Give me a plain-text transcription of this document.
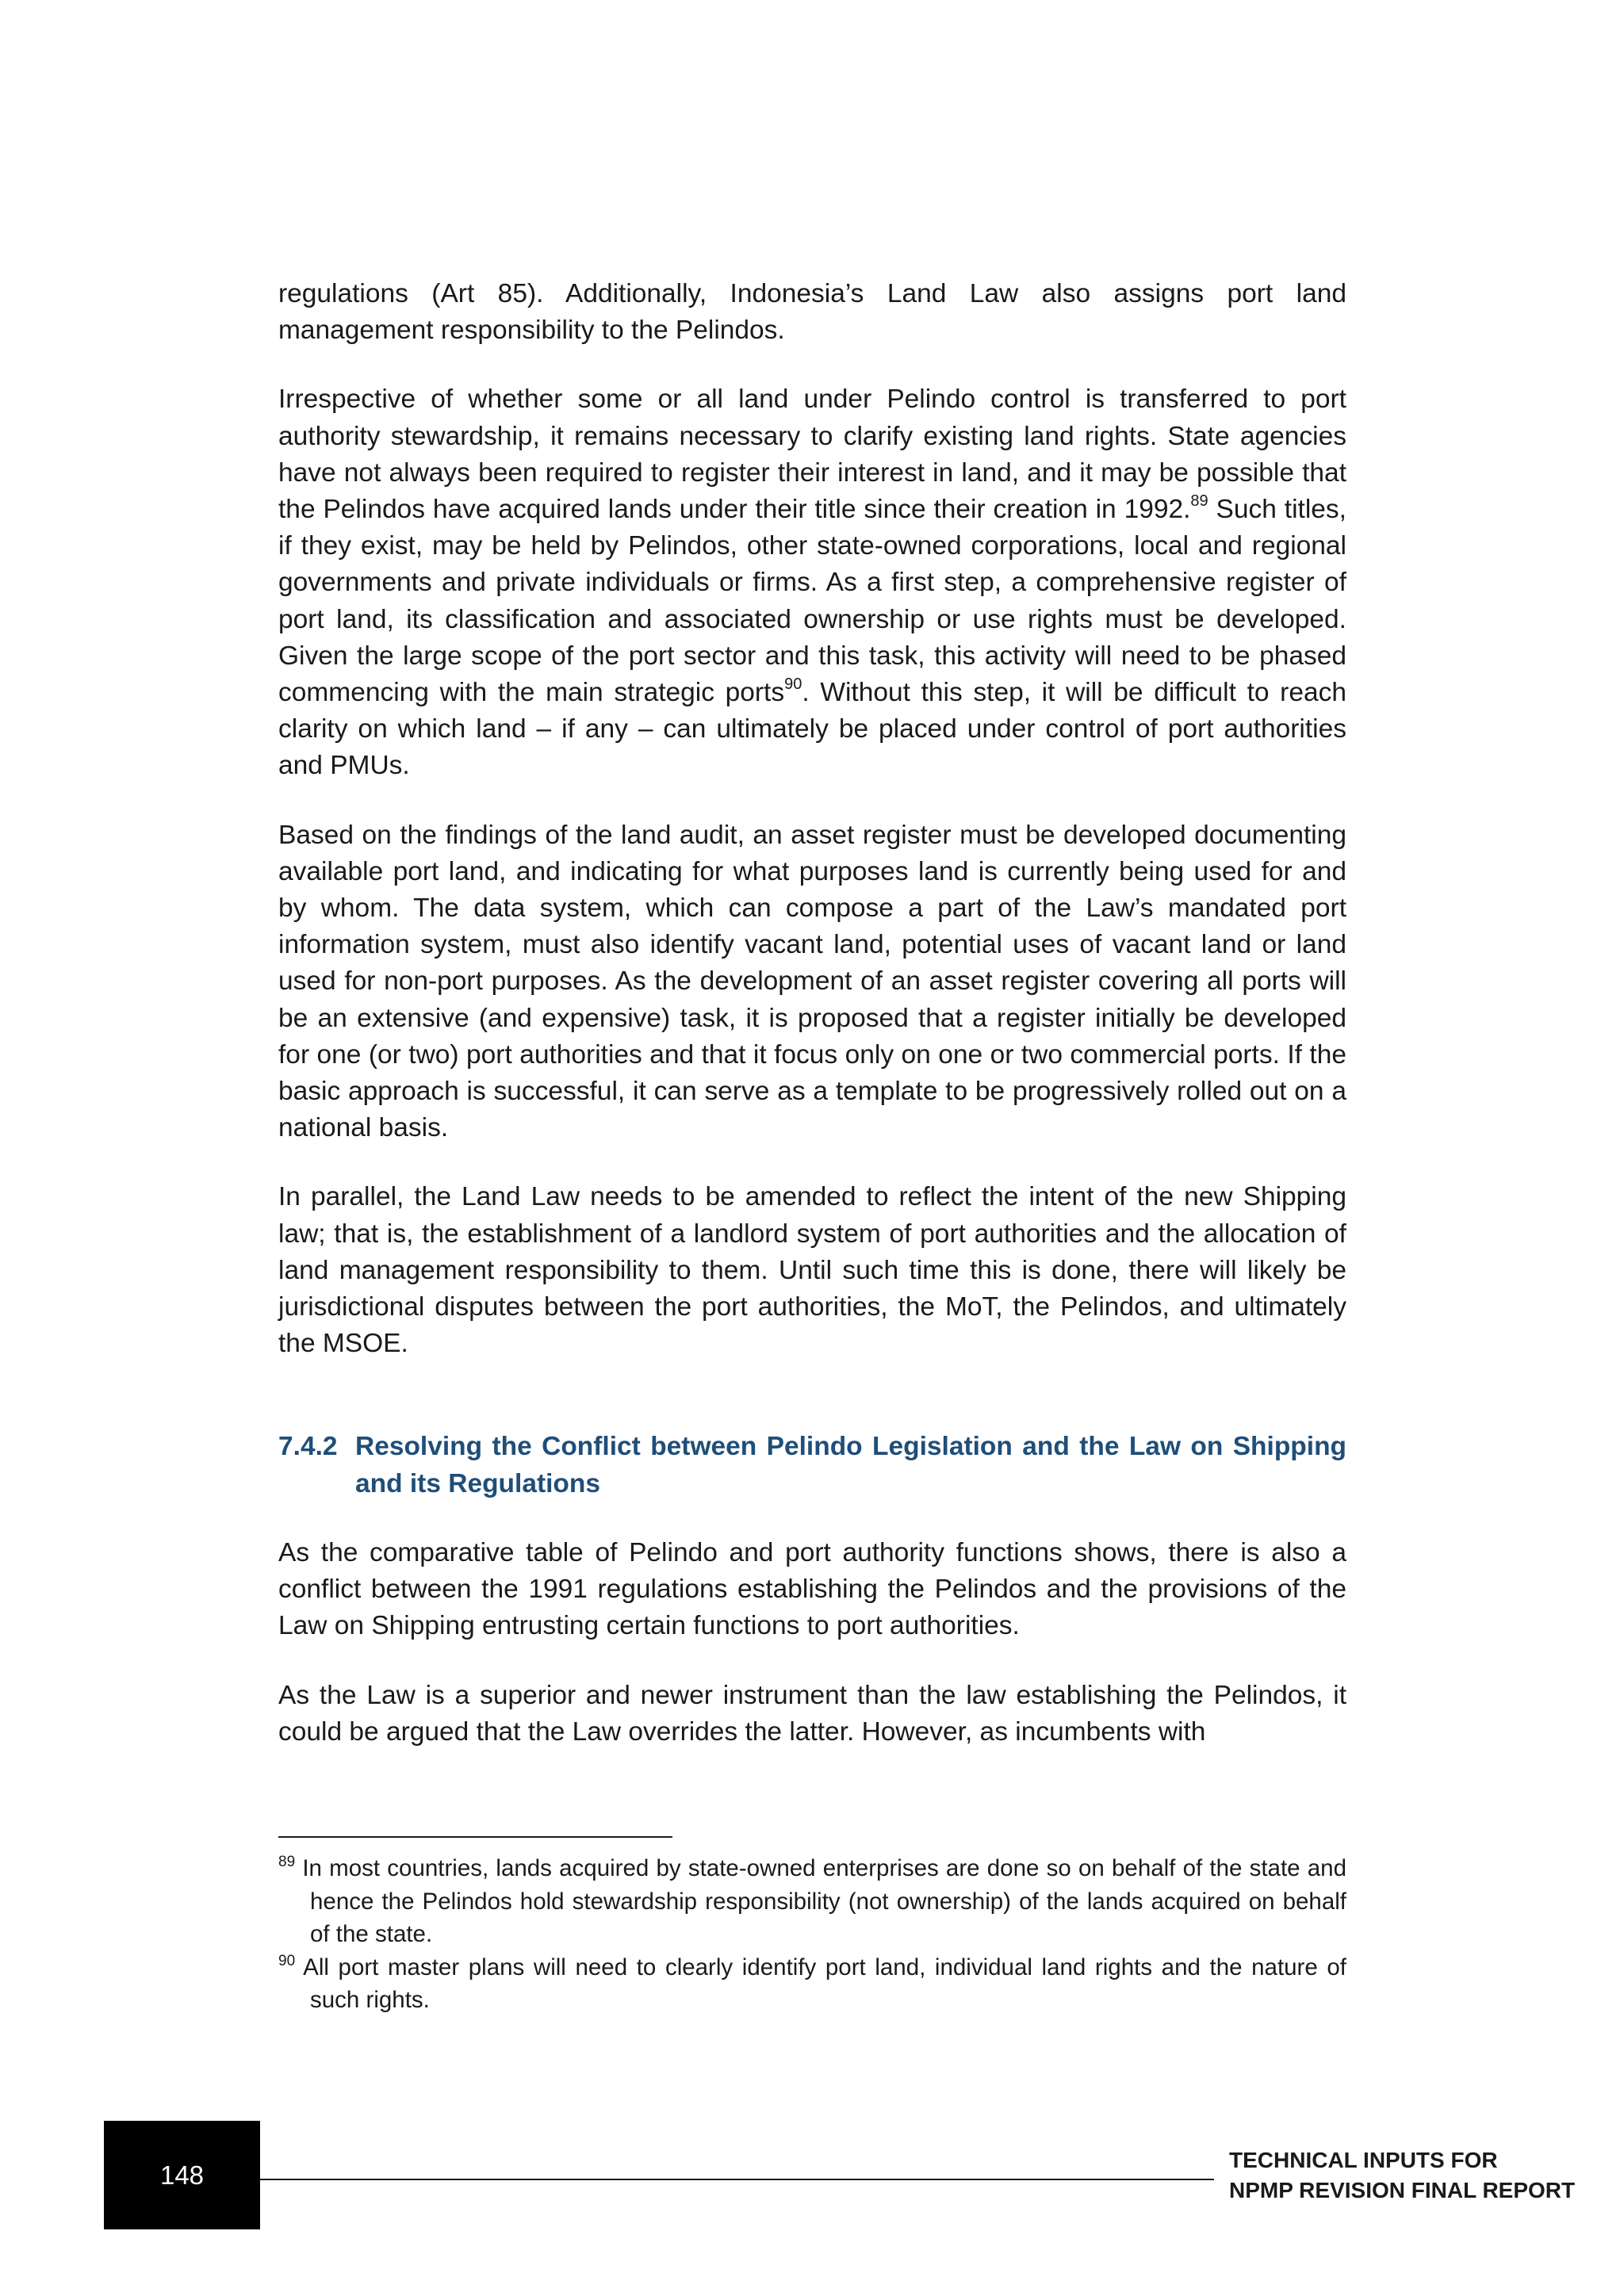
regulations (Art 85). Additionally, Indonesia’s Land Law also assigns port land management responsibility to the Pelindos.

Irrespective of whether some or all land under Pelindo control is transferred to port authority stewardship, it remains necessary to clarify existing land rights. State agencies have not always been required to register their interest in land, and it may be possible that the Pelindos have acquired lands under their title since their creation in 1992.89 Such titles, if they exist, may be held by Pelindos, other state-owned corporations, local and regional governments and private individuals or firms. As a first step, a comprehensive register of port land, its classification and associated ownership or use rights must be developed. Given the large scope of the port sector and this task, this activity will need to be phased commencing with the main strategic ports$^{90}$. Without this step, it will be difficult to reach clarity on which land – if any – can ultimately be placed under control of port authorities and PMUs.

Based on the findings of the land audit, an asset register must be developed documenting available port land, and indicating for what purposes land is currently being used for and by whom. The data system, which can compose a part of the Law’s mandated port information system, must also identify vacant land, potential uses of vacant land or land used for non-port purposes. As the development of an asset register covering all ports will be an extensive (and expensive) task, it is proposed that a register initially be developed for one (or two) port authorities and that it focus only on one or two commercial ports. If the basic approach is successful, it can serve as a template to be progressively rolled out on a national basis.

In parallel, the Land Law needs to be amended to reflect the intent of the new Shipping law; that is, the establishment of a landlord system of port authorities and the allocation of land management responsibility to them. Until such time this is done, there will likely be jurisdictional disputes between the port authorities, the MoT, the Pelindos, and ultimately the MSOE.

7.4.2 Resolving the Conflict between Pelindo Legislation and the Law on Shipping and its Regulations

As the comparative table of Pelindo and port authority functions shows, there is also a conflict between the 1991 regulations establishing the Pelindos and the provisions of the Law on Shipping entrusting certain functions to port authorities.

As the Law is a superior and newer instrument than the law establishing the Pelindos, it could be argued that the Law overrides the latter. However, as incumbents with

$^{89}$ In most countries, lands acquired by state-owned enterprises are done so on behalf of the state and hence the Pelindos hold stewardship responsibility (not ownership) of the lands acquired on behalf of the state.

$^{90}$ All port master plans will need to clearly identify port land, individual land rights and the nature of such rights.

148	TECHNICAL INPUTS FOR
NPMP REVISION FINAL REPORT
